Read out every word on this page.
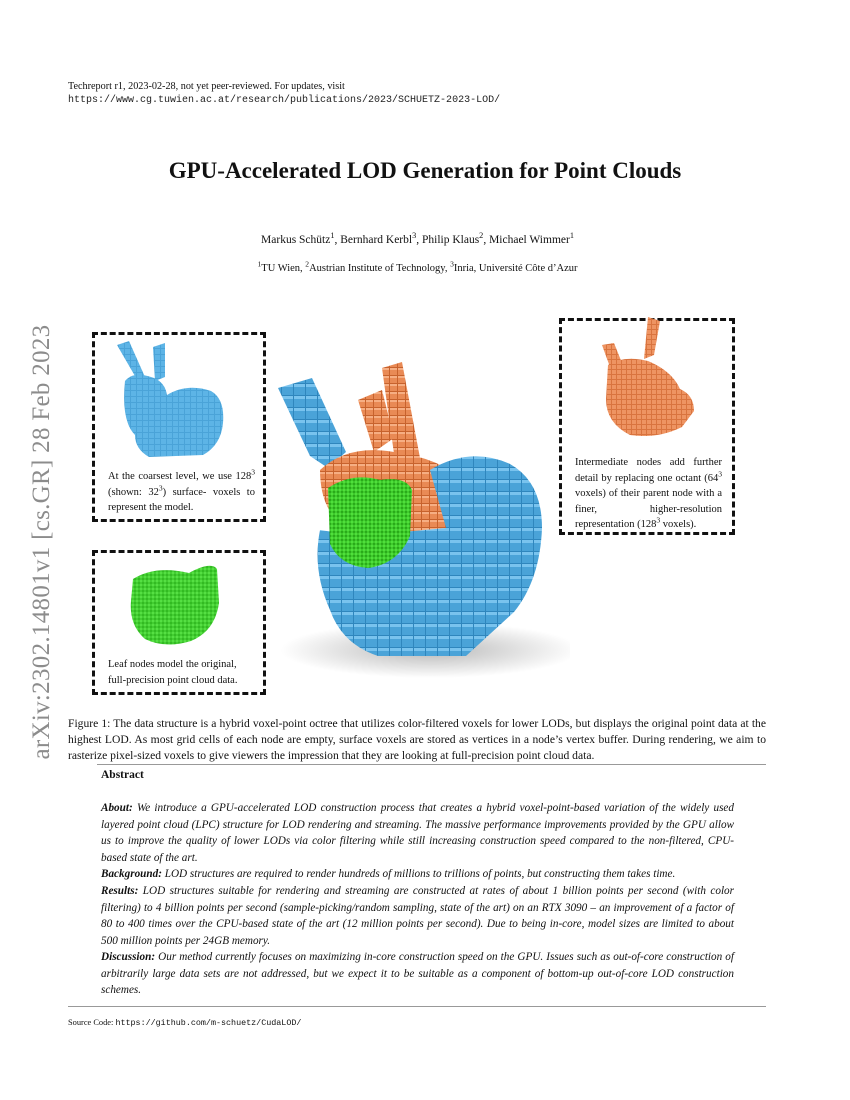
arXiv:2302.14801v1 [cs.GR] 28 Feb 2023
Techreport r1, 2023-02-28, not yet peer-reviewed. For updates, visit
https://www.cg.tuwien.ac.at/research/publications/2023/SCHUETZ-2023-LOD/
GPU-Accelerated LOD Generation for Point Clouds
Markus Schütz$^1$, Bernhard Kerbl$^3$, Philip Klaus$^2$, Michael Wimmer$^1$
$^1$TU Wien, $^2$Austrian Institute of Technology, $^3$Inria, Université Côte d’Azur
At the coarsest level, we use $128^3$ (shown: $32^3$) surface- voxels to represent the model.
Leaf nodes model the original,
full-precision point cloud data.
Intermediate nodes add further detail by replacing one octant ($64^3$ voxels) of their parent node with a finer, higher-resolution representation ($128^3$ voxels).
Figure 1: The data structure is a hybrid voxel-point octree that utilizes color-filtered voxels for lower LODs, but displays the original point data at the highest LOD. As most grid cells of each node are empty, surface voxels are stored as vertices in a node’s vertex buffer. During rendering, we aim to rasterize pixel-sized voxels to give viewers the impression that they are looking at full-precision point cloud data.
Abstract

About: We introduce a GPU-accelerated LOD construction process that creates a hybrid voxel-point-based variation of the widely used layered point cloud (LPC) structure for LOD rendering and streaming. The massive performance improvements provided by the GPU allow us to improve the quality of lower LODs via color filtering while still increasing construction speed compared to the non-filtered, CPU-based state of the art.

Background: LOD structures are required to render hundreds of millions to trillions of points, but constructing them takes time.

Results: LOD structures suitable for rendering and streaming are constructed at rates of about 1 billion points per second (with color filtering) to 4 billion points per second (sample-picking/random sampling, state of the art) on an RTX 3090 – an improvement of a factor of 80 to 400 times over the CPU-based state of the art (12 million points per second). Due to being in-core, model sizes are limited to about 500 million points per 24GB memory.

Discussion: Our method currently focuses on maximizing in-core construction speed on the GPU. Issues such as out-of-core construction of arbitrarily large data sets are not addressed, but we expect it to be suitable as a component of bottom-up out-of-core LOD construction schemes.

Source Code: https://github.com/m-schuetz/CudaLOD/
